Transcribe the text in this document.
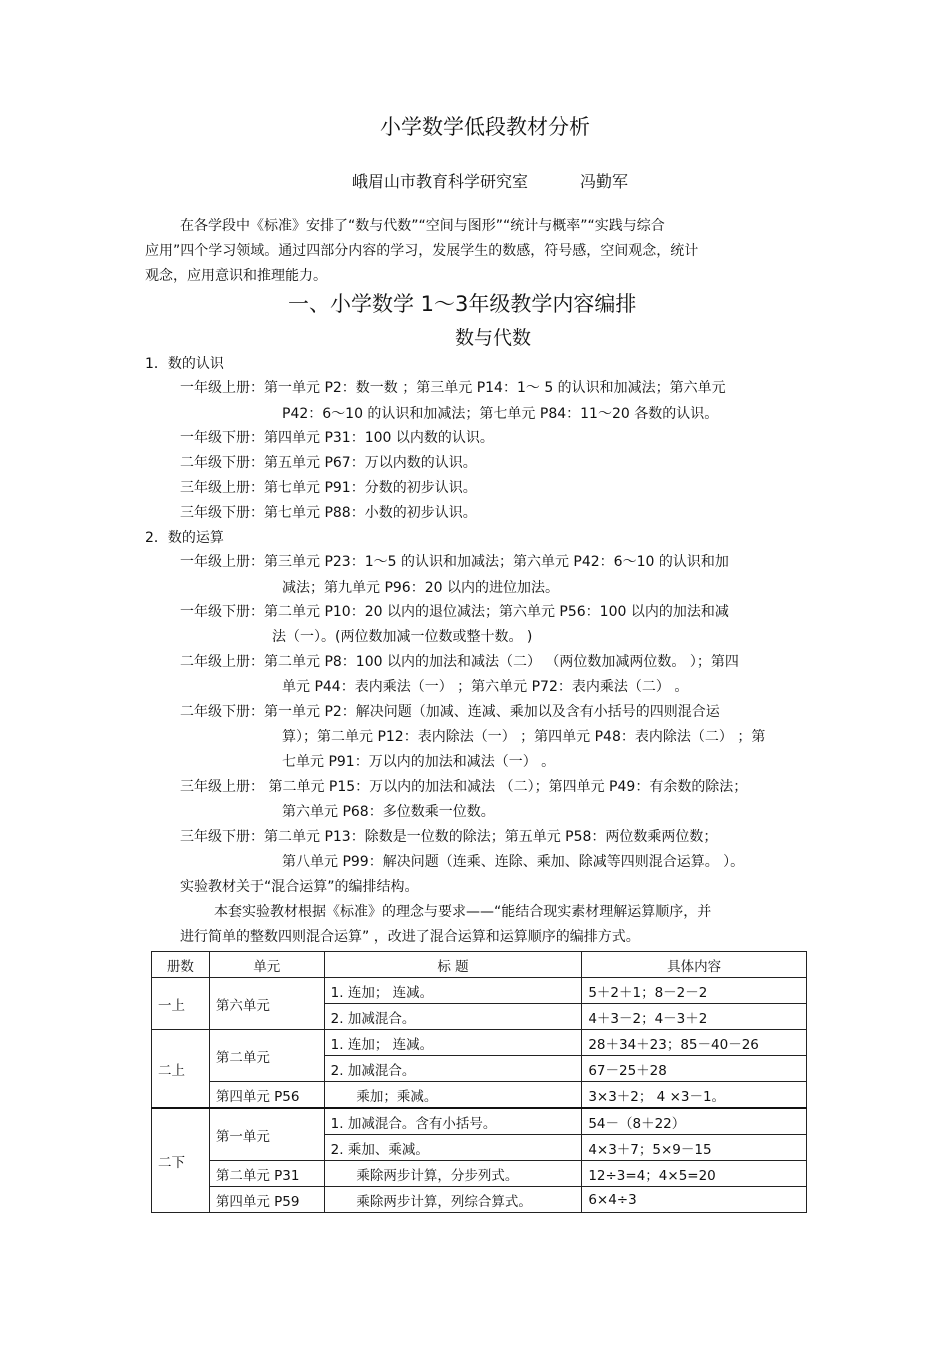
小学数学低段教材分析
峨眉山市教育科学研究室	冯勤军
在各学段中《标准》安排了“数与代数”“空间与图形”“统计与概率”“实践与综合
应用”四个学习领域。通过四部分内容的学习，发展学生的数感，符号感，空间观念，统计
观念，应用意识和推理能力。
一、小学数学 1～3年级教学内容编排
数与代数
1．数的认识
一年级上册：第一单元 P2：数一数 ；第三单元 P14：1～ 5 的认识和加减法；第六单元
P42：6～10 的认识和加减法；第七单元 P84：11～20 各数的认识。
一年级下册：第四单元 P31：100 以内数的认识。
二年级下册：第五单元 P67：万以内数的认识。
三年级上册：第七单元 P91：分数的初步认识。
三年级下册：第七单元 P88：小数的初步认识。
2．数的运算
一年级上册：第三单元 P23：1～5 的认识和加减法；第六单元 P42：6～10 的认识和加
减法；第九单元 P96：20 以内的进位加法。
一年级下册：第二单元 P10：20 以内的退位减法；第六单元 P56：100 以内的加法和减
法（一）。(两位数加减一位数或整十数。 )
二年级上册：第二单元 P8：100 以内的加法和减法（二） （两位数加减两位数。 ）；第四
单元 P44：表内乘法（一） ；第六单元 P72：表内乘法（二） 。
二年级下册：第一单元 P2：解决问题（加减、连减、乘加以及含有小括号的四则混合运
算）；第二单元 P12：表内除法（一） ；第四单元 P48：表内除法（二） ；第
七单元 P91：万以内的加法和减法（一） 。
三年级上册： 第二单元 P15：万以内的加法和减法 （二）；第四单元 P49：有余数的除法；
第六单元 P68：多位数乘一位数。
三年级下册：第二单元 P13：除数是一位数的除法；第五单元 P58：两位数乘两位数；
第八单元 P99：解决问题（连乘、连除、乘加、除减等四则混合运算。 ）。
实验教材关于“混合运算”的编排结构。
本套实验教材根据《标准》的理念与要求——“能结合现实素材理解运算顺序，并
进行简单的整数四则混合运算” ，改进了混合运算和运算顺序的编排方式。
册数	单元	标 题	具体内容
一上	第六单元	1. 连加； 连减。	5＋2＋1；8－2－2
		2. 加减混合。	4＋3－2；4－3＋2
二上	第二单元	1. 连加； 连减。	28＋34＋23；85－40－26
		2. 加减混合。	67－25＋28
	第四单元 P56	乘加；乘减。	3×3＋2； 4 ×3－1。
二下	第一单元	1. 加减混合。含有小括号。	54－（8＋22）
		2. 乘加、乘减。	4×3＋7；5×9－15
	第二单元 P31	乘除两步计算，分步列式。	12÷3=4；4×5=20
	第四单元 P59	乘除两步计算，列综合算式。	6×4÷3
